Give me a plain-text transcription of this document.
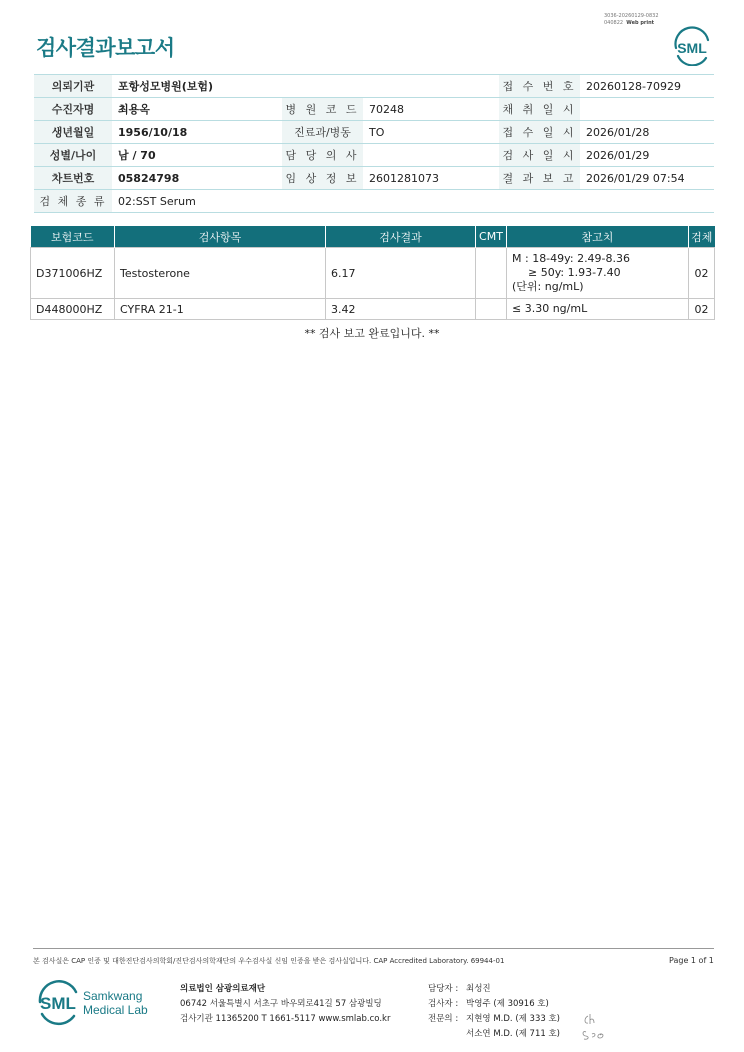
검사결과보고서
3036-20260129-0832
040822 Web print
SML
의뢰기관	포항성모병원(보험)			접 수 번 호	20260128-70929
수진자명	최용옥	병 원 코 드	70248	채 취 일 시	
생년월일	1956/10/18	진료과/병동	TO	접 수 일 시	2026/01/28
성별/나이	남 / 70	담 당 의 사		검 사 일 시	2026/01/29
차트번호	05824798	임 상 정 보	2601281073	결 과 보 고	2026/01/29 07:54
검 체 종 류	02:SST Serum				
보험코드	검사항목	검사결과	CMT	참고치	검체
D371006HZ	Testosterone	6.17		M : 18-49y: 2.49-8.36
≥ 50y: 1.93-7.40
(단위: ng/mL)	02
D448000HZ	CYFRA 21-1	3.42		≤ 3.30 ng/mL	02
** 검사 보고 완료입니다. **
본 검사실은 CAP 인증 및 대한진단검사의학회/진단검사의학재단의 우수검사실 신임 인증을 받은 검사실입니다. CAP Accredited Laboratory. 69944-01	Page 1 of 1
SML Samkwang
Medical Lab
의료법인 삼광의료재단
06742 서울특별시 서초구 바우뫼로41길 57 삼광빌딩
검사기관 11365200 T 1661-5117 www.smlab.co.kr
담당자 : 최성진
검사자 : 박영주 (제 30916 호)
전문의 : 지현영 M.D. (제 333 호)
서소연 M.D. (제 711 호)
